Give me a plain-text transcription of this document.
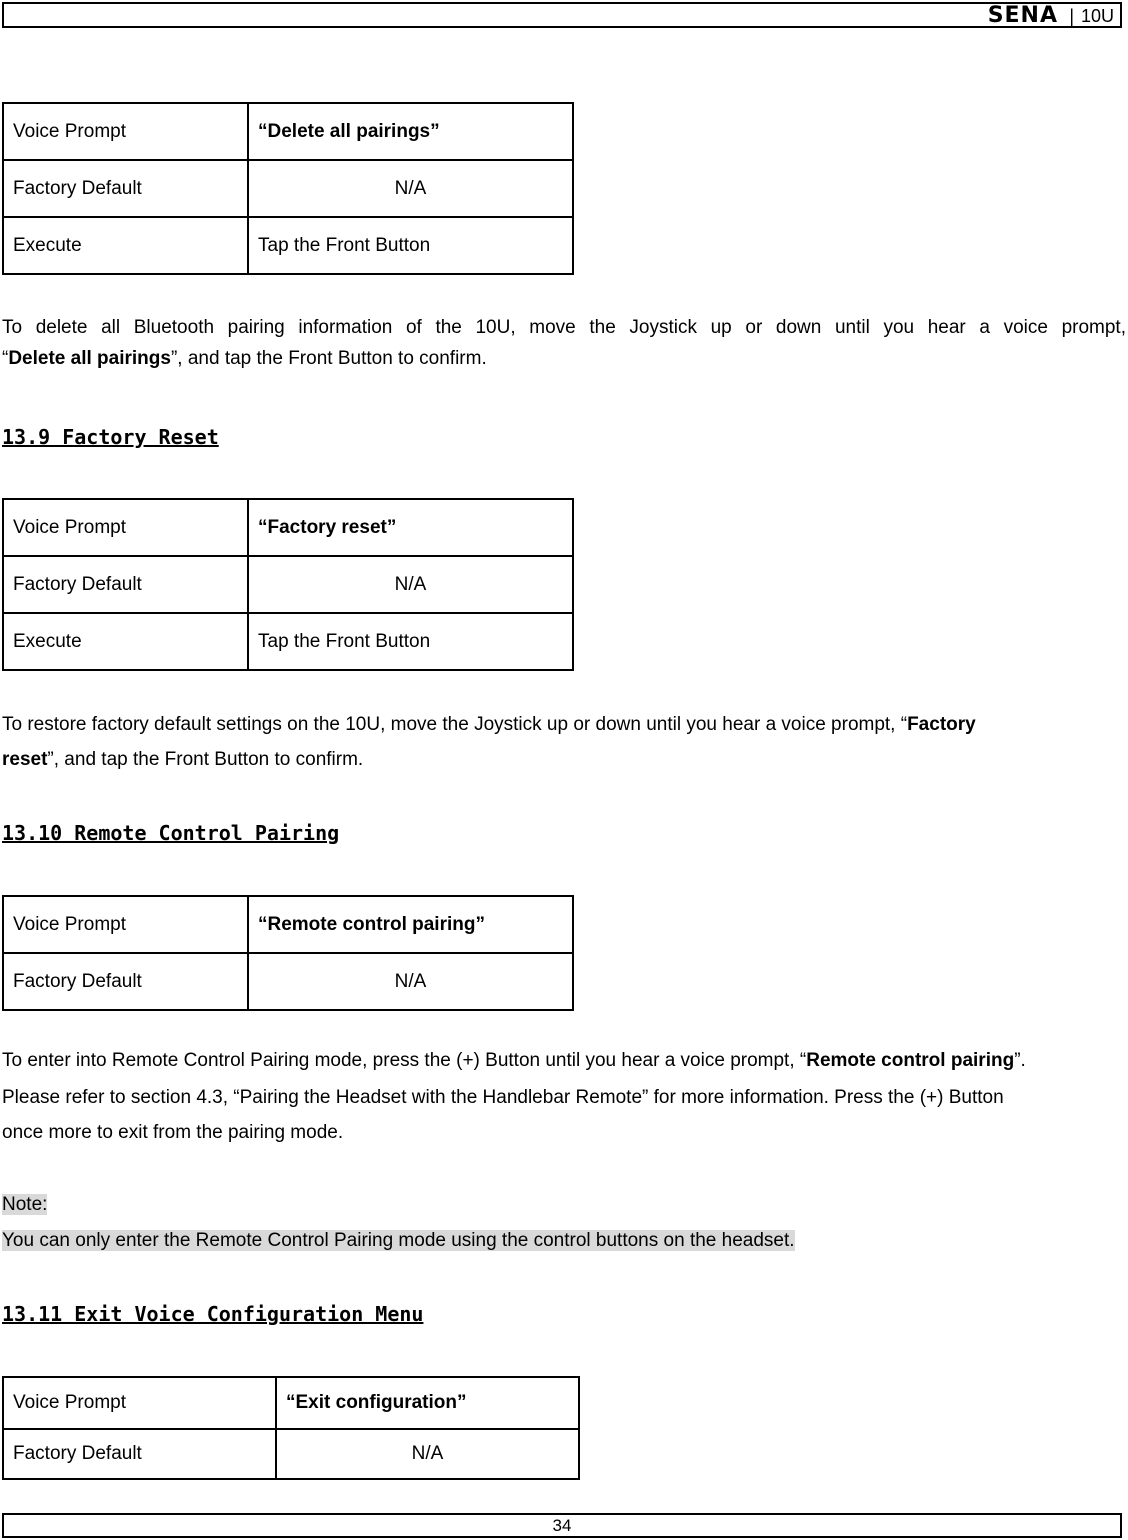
SENA | 10U
Voice Prompt	“Delete all pairings”
Factory Default	N/A
Execute	Tap the Front Button
To delete all Bluetooth pairing information of the 10U, move the Joystick up or down until you hear a voice prompt,
“Delete all pairings”, and tap the Front Button to confirm.
13.9 Factory Reset
Voice Prompt	“Factory reset”
Factory Default	N/A
Execute	Tap the Front Button
To restore factory default settings on the 10U, move the Joystick up or down until you hear a voice prompt, “Factory
reset”, and tap the Front Button to confirm.
13.10 Remote Control Pairing
Voice Prompt	“Remote control pairing”
Factory Default	N/A
To enter into Remote Control Pairing mode, press the (+) Button until you hear a voice prompt, “Remote control pairing”.
Please refer to section 4.3, “Pairing the Headset with the Handlebar Remote” for more information. Press the (+) Button
once more to exit from the pairing mode.
Note:
You can only enter the Remote Control Pairing mode using the control buttons on the headset.
13.11 Exit Voice Configuration Menu
Voice Prompt	“Exit configuration”
Factory Default	N/A
34
